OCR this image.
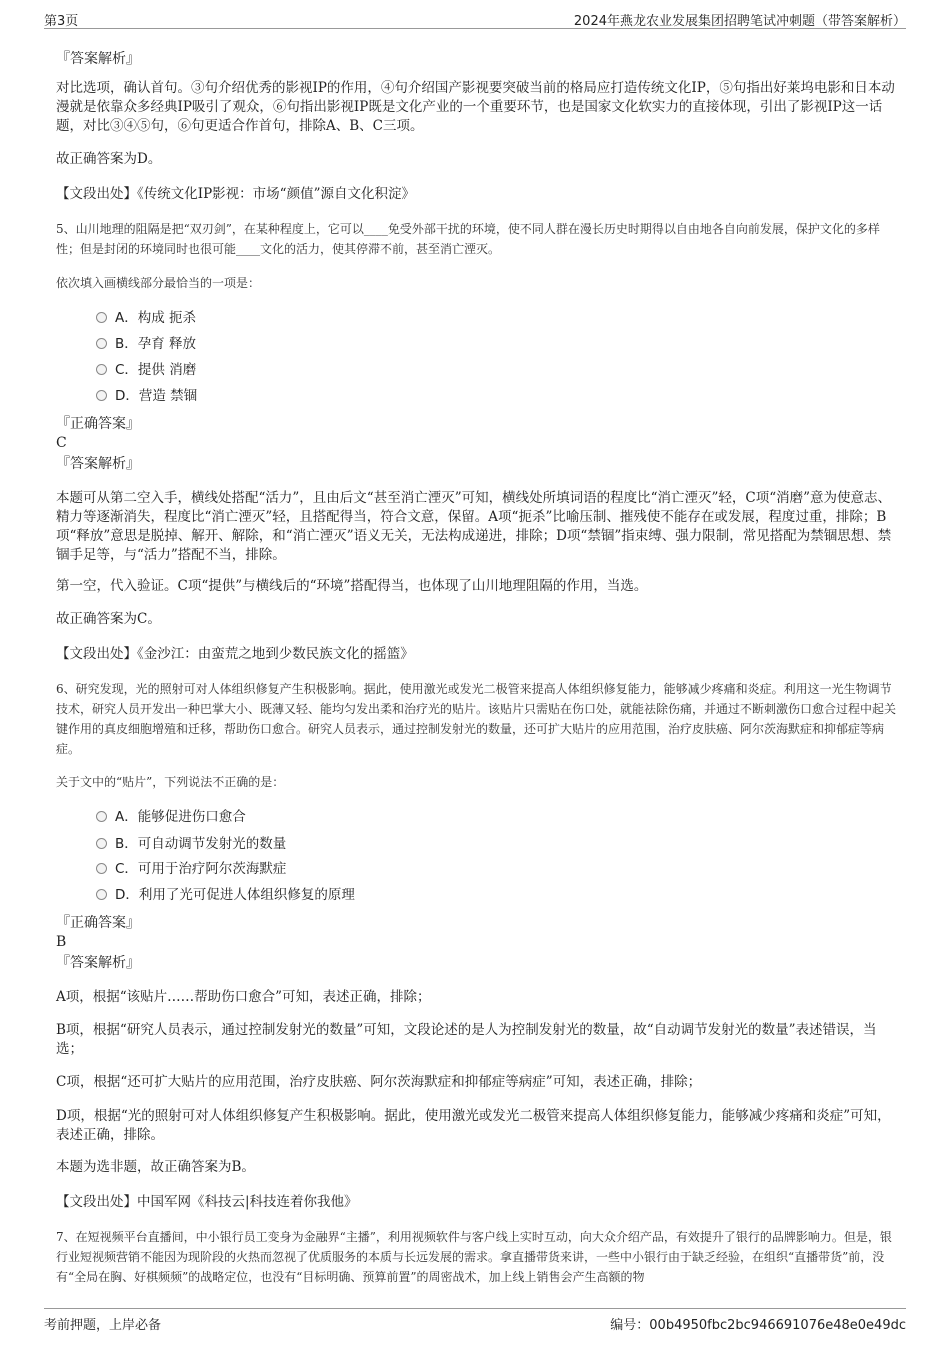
第3页	2024年燕龙农业发展集团招聘笔试冲刺题（带答案解析）

『答案解析』

对比选项，确认首句。③句介绍优秀的影视IP的作用，④句介绍国产影视要突破当前的格局应打造传统文化IP，⑤句指出好莱坞电影和日本动漫就是依靠众多经典IP吸引了观众，⑥句指出影视IP既是文化产业的一个重要环节，也是国家文化软实力的直接体现，引出了影视IP这一话题，对比③④⑤句，⑥句更适合作首句，排除A、B、C三项。

故正确答案为D。

【文段出处】《传统文化IP影视：市场“颜值”源自文化积淀》

5、山川地理的阻隔是把“双刃剑”，在某种程度上，它可以____免受外部干扰的环境，使不同人群在漫长历史时期得以自由地各自向前发展，保护文化的多样性；但是封闭的环境同时也很可能____文化的活力，使其停滞不前，甚至消亡湮灭。

依次填入画横线部分最恰当的一项是：

A．构成 扼杀
B．孕育 释放
C．提供 消磨
D．营造 禁锢

『正确答案』

C

『答案解析』

本题可从第二空入手，横线处搭配“活力”，且由后文“甚至消亡湮灭”可知，横线处所填词语的程度比“消亡湮灭”轻，C项“消磨”意为使意志、精力等逐渐消失，程度比“消亡湮灭”轻，且搭配得当，符合文意，保留。A项“扼杀”比喻压制、摧残使不能存在或发展，程度过重，排除；B项“释放”意思是脱掉、解开、解除，和“消亡湮灭”语义无关，无法构成递进，排除；D项“禁锢”指束缚、强力限制，常见搭配为禁锢思想、禁锢手足等，与“活力”搭配不当，排除。

第一空，代入验证。C项“提供”与横线后的“环境”搭配得当，也体现了山川地理阻隔的作用，当选。

故正确答案为C。

【文段出处】《金沙江：由蛮荒之地到少数民族文化的摇篮》

6、研究发现，光的照射可对人体组织修复产生积极影响。据此，使用激光或发光二极管来提高人体组织修复能力，能够减少疼痛和炎症。利用这一光生物调节技术，研究人员开发出一种巴掌大小、既薄又轻、能均匀发出柔和治疗光的贴片。该贴片只需贴在伤口处，就能祛除伤痛，并通过不断刺激伤口愈合过程中起关键作用的真皮细胞增殖和迁移，帮助伤口愈合。研究人员表示，通过控制发射光的数量，还可扩大贴片的应用范围，治疗皮肤癌、阿尔茨海默症和抑郁症等病症。

关于文中的“贴片”，下列说法不正确的是：

A．能够促进伤口愈合
B．可自动调节发射光的数量
C．可用于治疗阿尔茨海默症
D．利用了光可促进人体组织修复的原理

『正确答案』

B

『答案解析』

A项，根据“该贴片……帮助伤口愈合”可知，表述正确，排除；

B项，根据“研究人员表示，通过控制发射光的数量”可知，文段论述的是人为控制发射光的数量，故“自动调节发射光的数量”表述错误，当选；

C项，根据“还可扩大贴片的应用范围，治疗皮肤癌、阿尔茨海默症和抑郁症等病症”可知，表述正确，排除；

D项，根据“光的照射可对人体组织修复产生积极影响。据此，使用激光或发光二极管来提高人体组织修复能力，能够减少疼痛和炎症”可知，表述正确，排除。

本题为选非题，故正确答案为B。

【文段出处】中国军网《科技云|科技连着你我他》

7、在短视频平台直播间，中小银行员工变身为金融界“主播”，利用视频软件与客户线上实时互动，向大众介绍产品，有效提升了银行的品牌影响力。但是，银行业短视频营销不能因为现阶段的火热而忽视了优质服务的本质与长远发展的需求。拿直播带货来讲，一些中小银行由于缺乏经验，在组织“直播带货”前，没有“全局在胸、好棋频频”的战略定位，也没有“目标明确、预算前置”的周密战术，加上线上销售会产生高额的物
考前押题，上岸必备	编号：00b4950fbc2bc946691076e48e0e49dc
